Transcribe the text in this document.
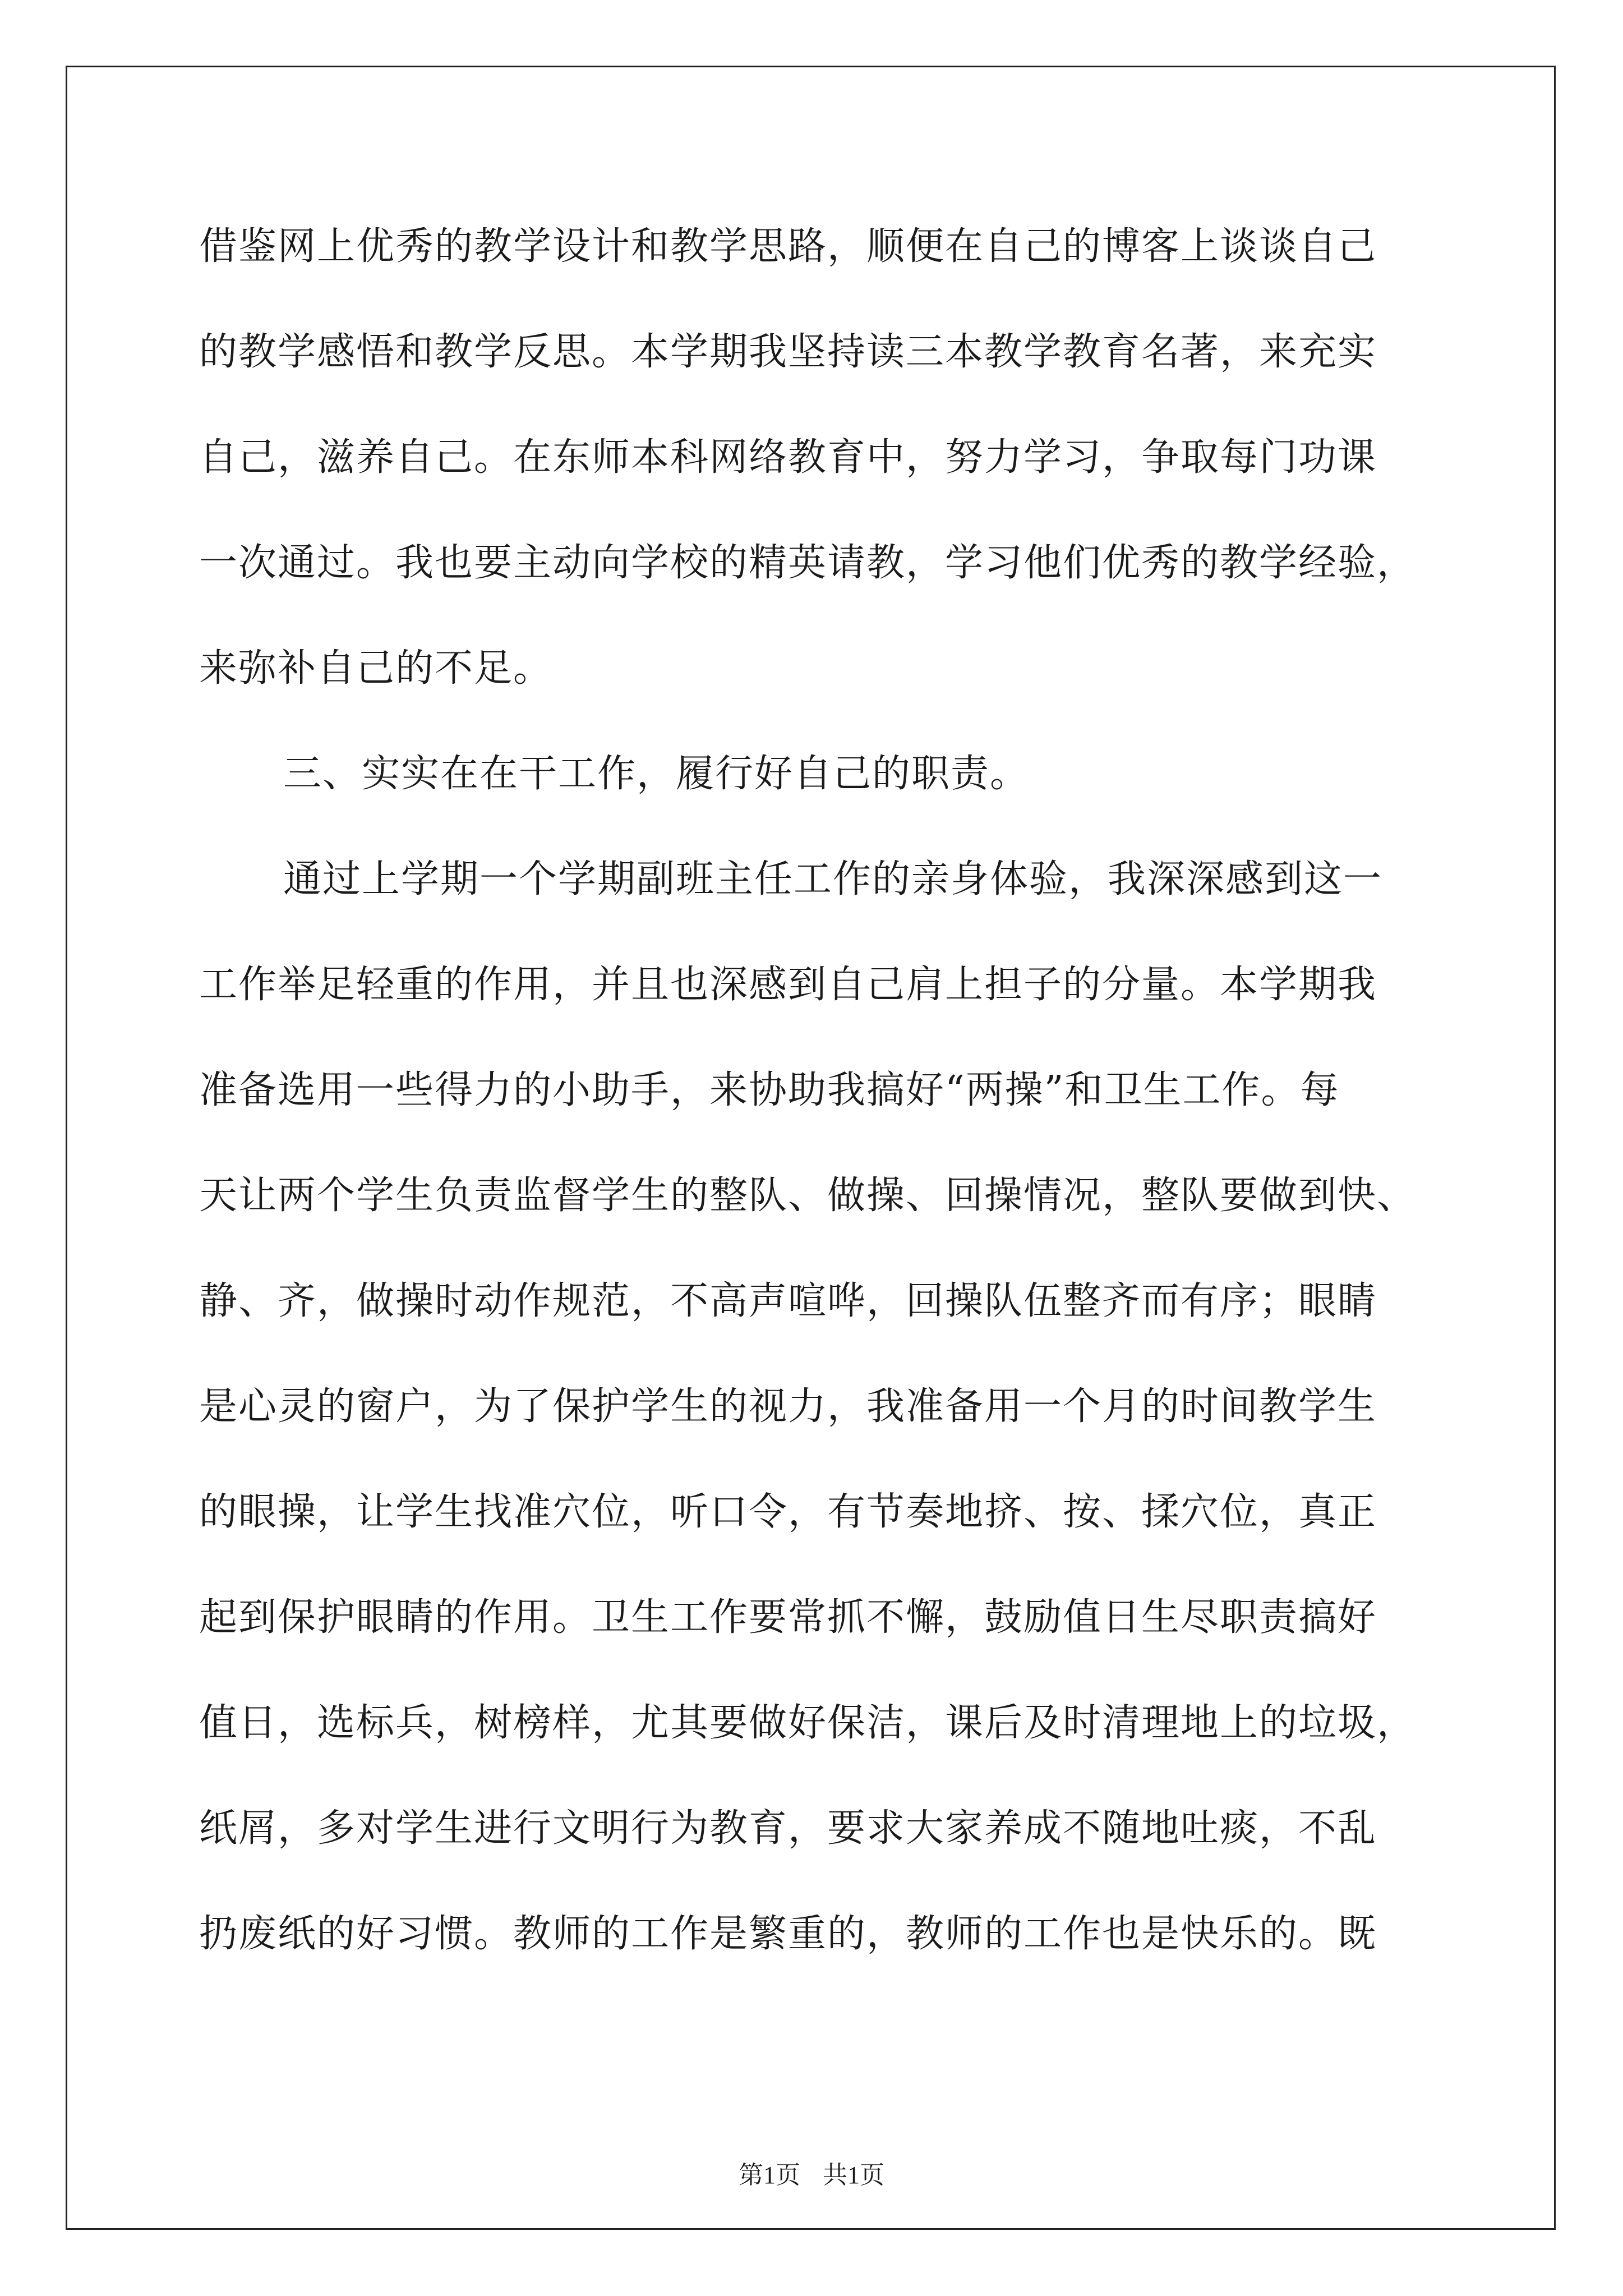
借鉴网上优秀的教学设计和教学思路，顺便在自己的博客上谈谈自己
的教学感悟和教学反思。本学期我坚持读三本教学教育名著，来充实
自己，滋养自己。在东师本科网络教育中，努力学习，争取每门功课
一次通过。我也要主动向学校的精英请教，学习他们优秀的教学经验，
来弥补自己的不足。
三、实实在在干工作，履行好自己的职责。
通过上学期一个学期副班主任工作的亲身体验，我深深感到这一
工作举足轻重的作用，并且也深感到自己肩上担子的分量。本学期我
准备选用一些得力的小助手，来协助我搞好“两操”和卫生工作。每
天让两个学生负责监督学生的整队、做操、回操情况，整队要做到快、
静、齐，做操时动作规范，不高声喧哗，回操队伍整齐而有序；眼睛
是心灵的窗户，为了保护学生的视力，我准备用一个月的时间教学生
的眼操，让学生找准穴位，听口令，有节奏地挤、按、揉穴位，真正
起到保护眼睛的作用。卫生工作要常抓不懈，鼓励值日生尽职责搞好
值日，选标兵，树榜样，尤其要做好保洁，课后及时清理地上的垃圾，
纸屑，多对学生进行文明行为教育，要求大家养成不随地吐痰，不乱
扔废纸的好习惯。教师的工作是繁重的，教师的工作也是快乐的。既
第1页 共1页
